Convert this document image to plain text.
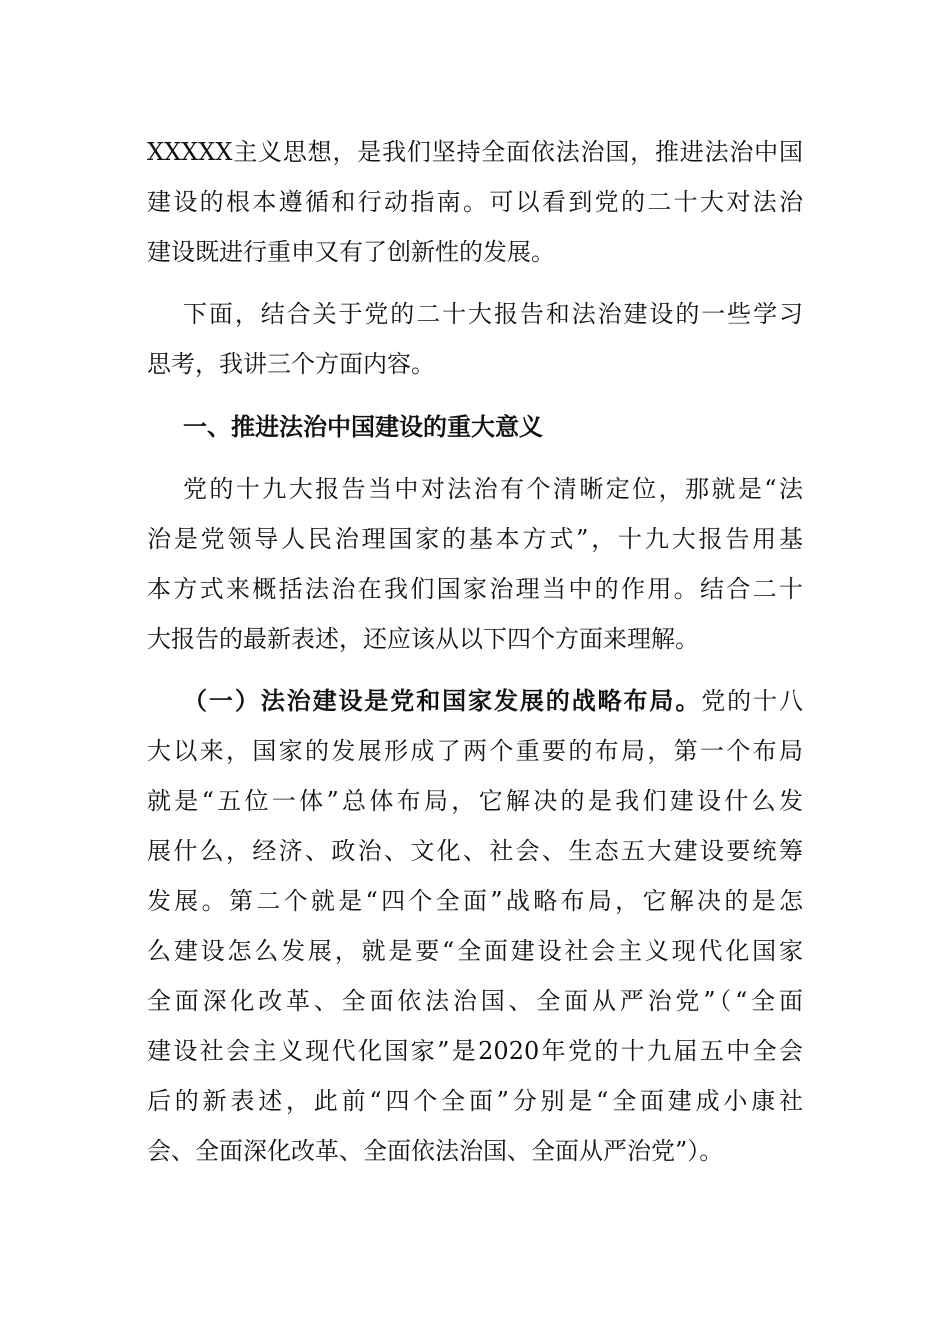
XXXXX主义思想，是我们坚持全面依法治国，推进法治中国
建设的根本遵循和行动指南。可以看到党的二十大对法治
建设既进行重申又有了创新性的发展。
下面，结合关于党的二十大报告和法治建设的一些学习
思考，我讲三个方面内容。
一、推进法治中国建设的重大意义
党的十九大报告当中对法治有个清晰定位，那就是“法
治是党领导人民治理国家的基本方式”，十九大报告用基
本方式来概括法治在我们国家治理当中的作用。结合二十
大报告的最新表述，还应该从以下四个方面来理解。
（一）法治建设是党和国家发展的战略布局。党的十八
大以来，国家的发展形成了两个重要的布局，第一个布局
就是“五位一体”总体布局，它解决的是我们建设什么发
展什么，经济、政治、文化、社会、生态五大建设要统筹
发展。第二个就是“四个全面”战略布局，它解决的是怎
么建设怎么发展，就是要“全面建设社会主义现代化国家
全面深化改革、全面依法治国、全面从严治党”（“全面
建设社会主义现代化国家”是2020年党的十九届五中全会
后的新表述，此前“四个全面”分别是“全面建成小康社
会、全面深化改革、全面依法治国、全面从严治党”）。
